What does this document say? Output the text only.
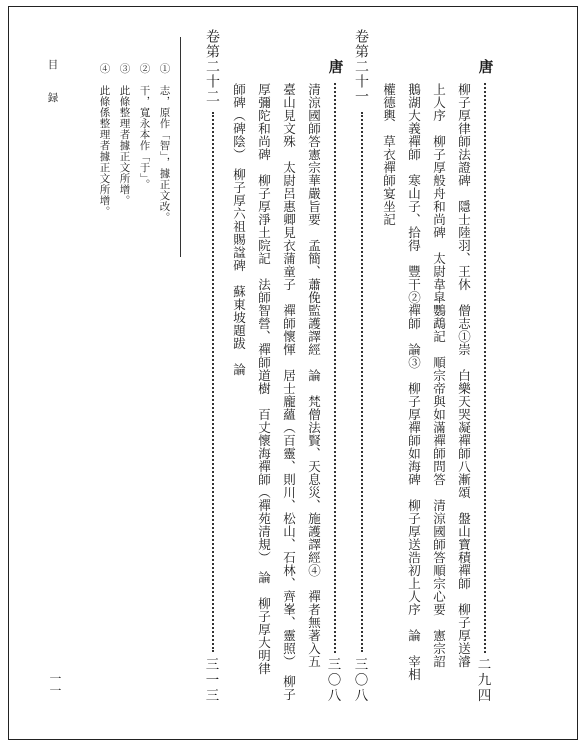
唐
二九四
柳子厚律師法證碑　隱士陸羽、王休　僧志①崇　白樂天哭凝禪師八漸頌　盤山寶積禪師　柳子厚送濬
上人序　柳子厚般舟和尚碑　太尉韋皐鸚鵡記　順宗帝與如滿禪師問答　清涼國師答順宗心要　憲宗詔
鵝湖大義禪師　寒山子、拾得　豐干②禪師　論③　柳子厚禪師如海碑　柳子厚送浩初上人序　論　宰相
權德輿　草衣禪師宴坐記
卷第二十一
三〇八
唐
三〇八
清涼國師答憲宗華嚴旨要　孟簡、蕭俛監護譯經　論　梵僧法賢、天息災、施護譯經④　禪者無著入五
臺山見文殊　太尉呂惠卿見衣蒲童子　禪師懷惲　居士龐蘊（百靈、則川、松山、石林、齊峯、靈照）　柳子
厚彌陀和尚碑　柳子厚淨土院記　法師智營、禪師道樹　百丈懷海禪師（禪苑清規）　論　柳子厚大明律
師碑（碑陰）　柳子厚六祖賜諡碑　蘇東坡題跋　論
卷第二十二
三一三
①　志，原作「智」，據正文改。
②　干，寬永本作「于」。
③　此條整理者據正文所增。
④　此條係整理者據正文所增。
目　録
一一
